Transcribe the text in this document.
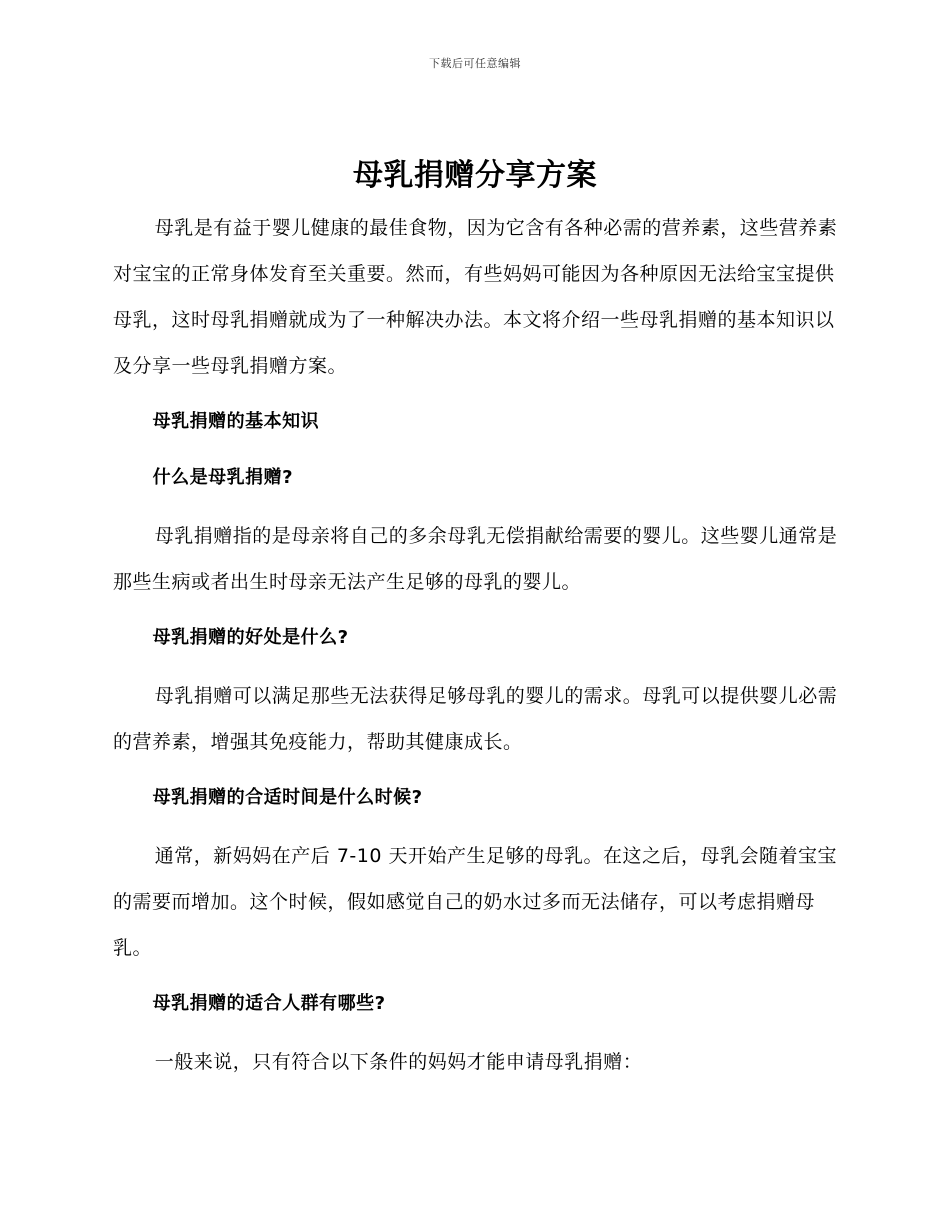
下载后可任意编辑
母乳捐赠分享方案

母乳是有益于婴儿健康的最佳食物，因为它含有各种必需的营养素，这些营养素对宝宝的正常身体发育至关重要。然而，有些妈妈可能因为各种原因无法给宝宝提供母乳，这时母乳捐赠就成为了一种解决办法。本文将介绍一些母乳捐赠的基本知识以及分享一些母乳捐赠方案。

母乳捐赠的基本知识

什么是母乳捐赠?

母乳捐赠指的是母亲将自己的多余母乳无偿捐献给需要的婴儿。这些婴儿通常是那些生病或者出生时母亲无法产生足够的母乳的婴儿。

母乳捐赠的好处是什么?

母乳捐赠可以满足那些无法获得足够母乳的婴儿的需求。母乳可以提供婴儿必需的营养素，增强其免疫能力，帮助其健康成长。

母乳捐赠的合适时间是什么时候?

通常，新妈妈在产后 7-10 天开始产生足够的母乳。在这之后，母乳会随着宝宝的需要而增加。这个时候，假如感觉自己的奶水过多而无法储存，可以考虑捐赠母乳。

母乳捐赠的适合人群有哪些?

一般来说，只有符合以下条件的妈妈才能申请母乳捐赠：
